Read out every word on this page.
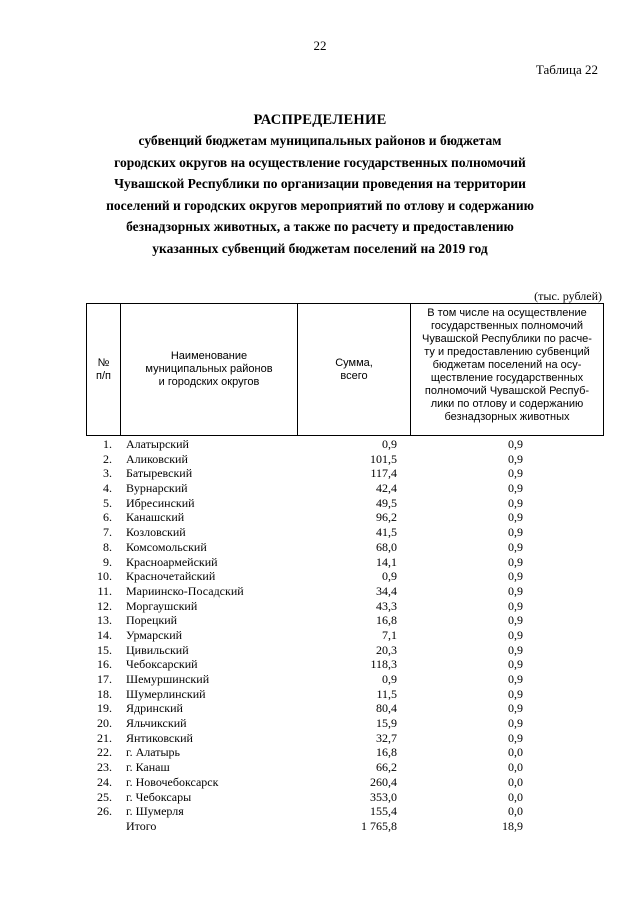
22
Таблица 22
РАСПРЕДЕЛЕНИЕ
субвенций бюджетам муниципальных районов и бюджетам
городских округов на осуществление государственных полномочий
Чувашской Республики по организации проведения на территории
поселений и городских округов мероприятий по отлову и содержанию
безнадзорных животных, а также по расчету и предоставлению
указанных субвенций бюджетам поселений на 2019 год
(тыс. рублей)
№
п/п

Наименование
муниципальных районов
и городских округов

Сумма,
всего

В том числе на осуществление
государственных полномочий
Чувашской Республики по расче-
ту и предоставлению субвенций
бюджетам поселений на осу-
ществление государственных
полномочий Чувашской Респуб-
лики по отлову и содержанию
безнадзорных животных
1. Алатырский	0,9	0,9
2. Аликовский	101,5	0,9
3. Батыревский	117,4	0,9
4. Вурнарский	42,4	0,9
5. Ибресинский	49,5	0,9
6. Канашский	96,2	0,9
7. Козловский	41,5	0,9
8. Комсомольский	68,0	0,9
9. Красноармейский	14,1	0,9
10. Красночетайский	0,9	0,9
11. Мариинско-Посадский	34,4	0,9
12. Моргаушский	43,3	0,9
13. Порецкий	16,8	0,9
14. Урмарский	7,1	0,9
15. Цивильский	20,3	0,9
16. Чебоксарский	118,3	0,9
17. Шемуршинский	0,9	0,9
18. Шумерлинский	11,5	0,9
19. Ядринский	80,4	0,9
20. Яльчикский	15,9	0,9
21. Янтиковский	32,7	0,9
22. г. Алатырь	16,8	0,0
23. г. Канаш	66,2	0,0
24. г. Новочебоксарск	260,4	0,0
25. г. Чебоксары	353,0	0,0
26. г. Шумерля	155,4	0,0
Итого	1 765,8	18,9
